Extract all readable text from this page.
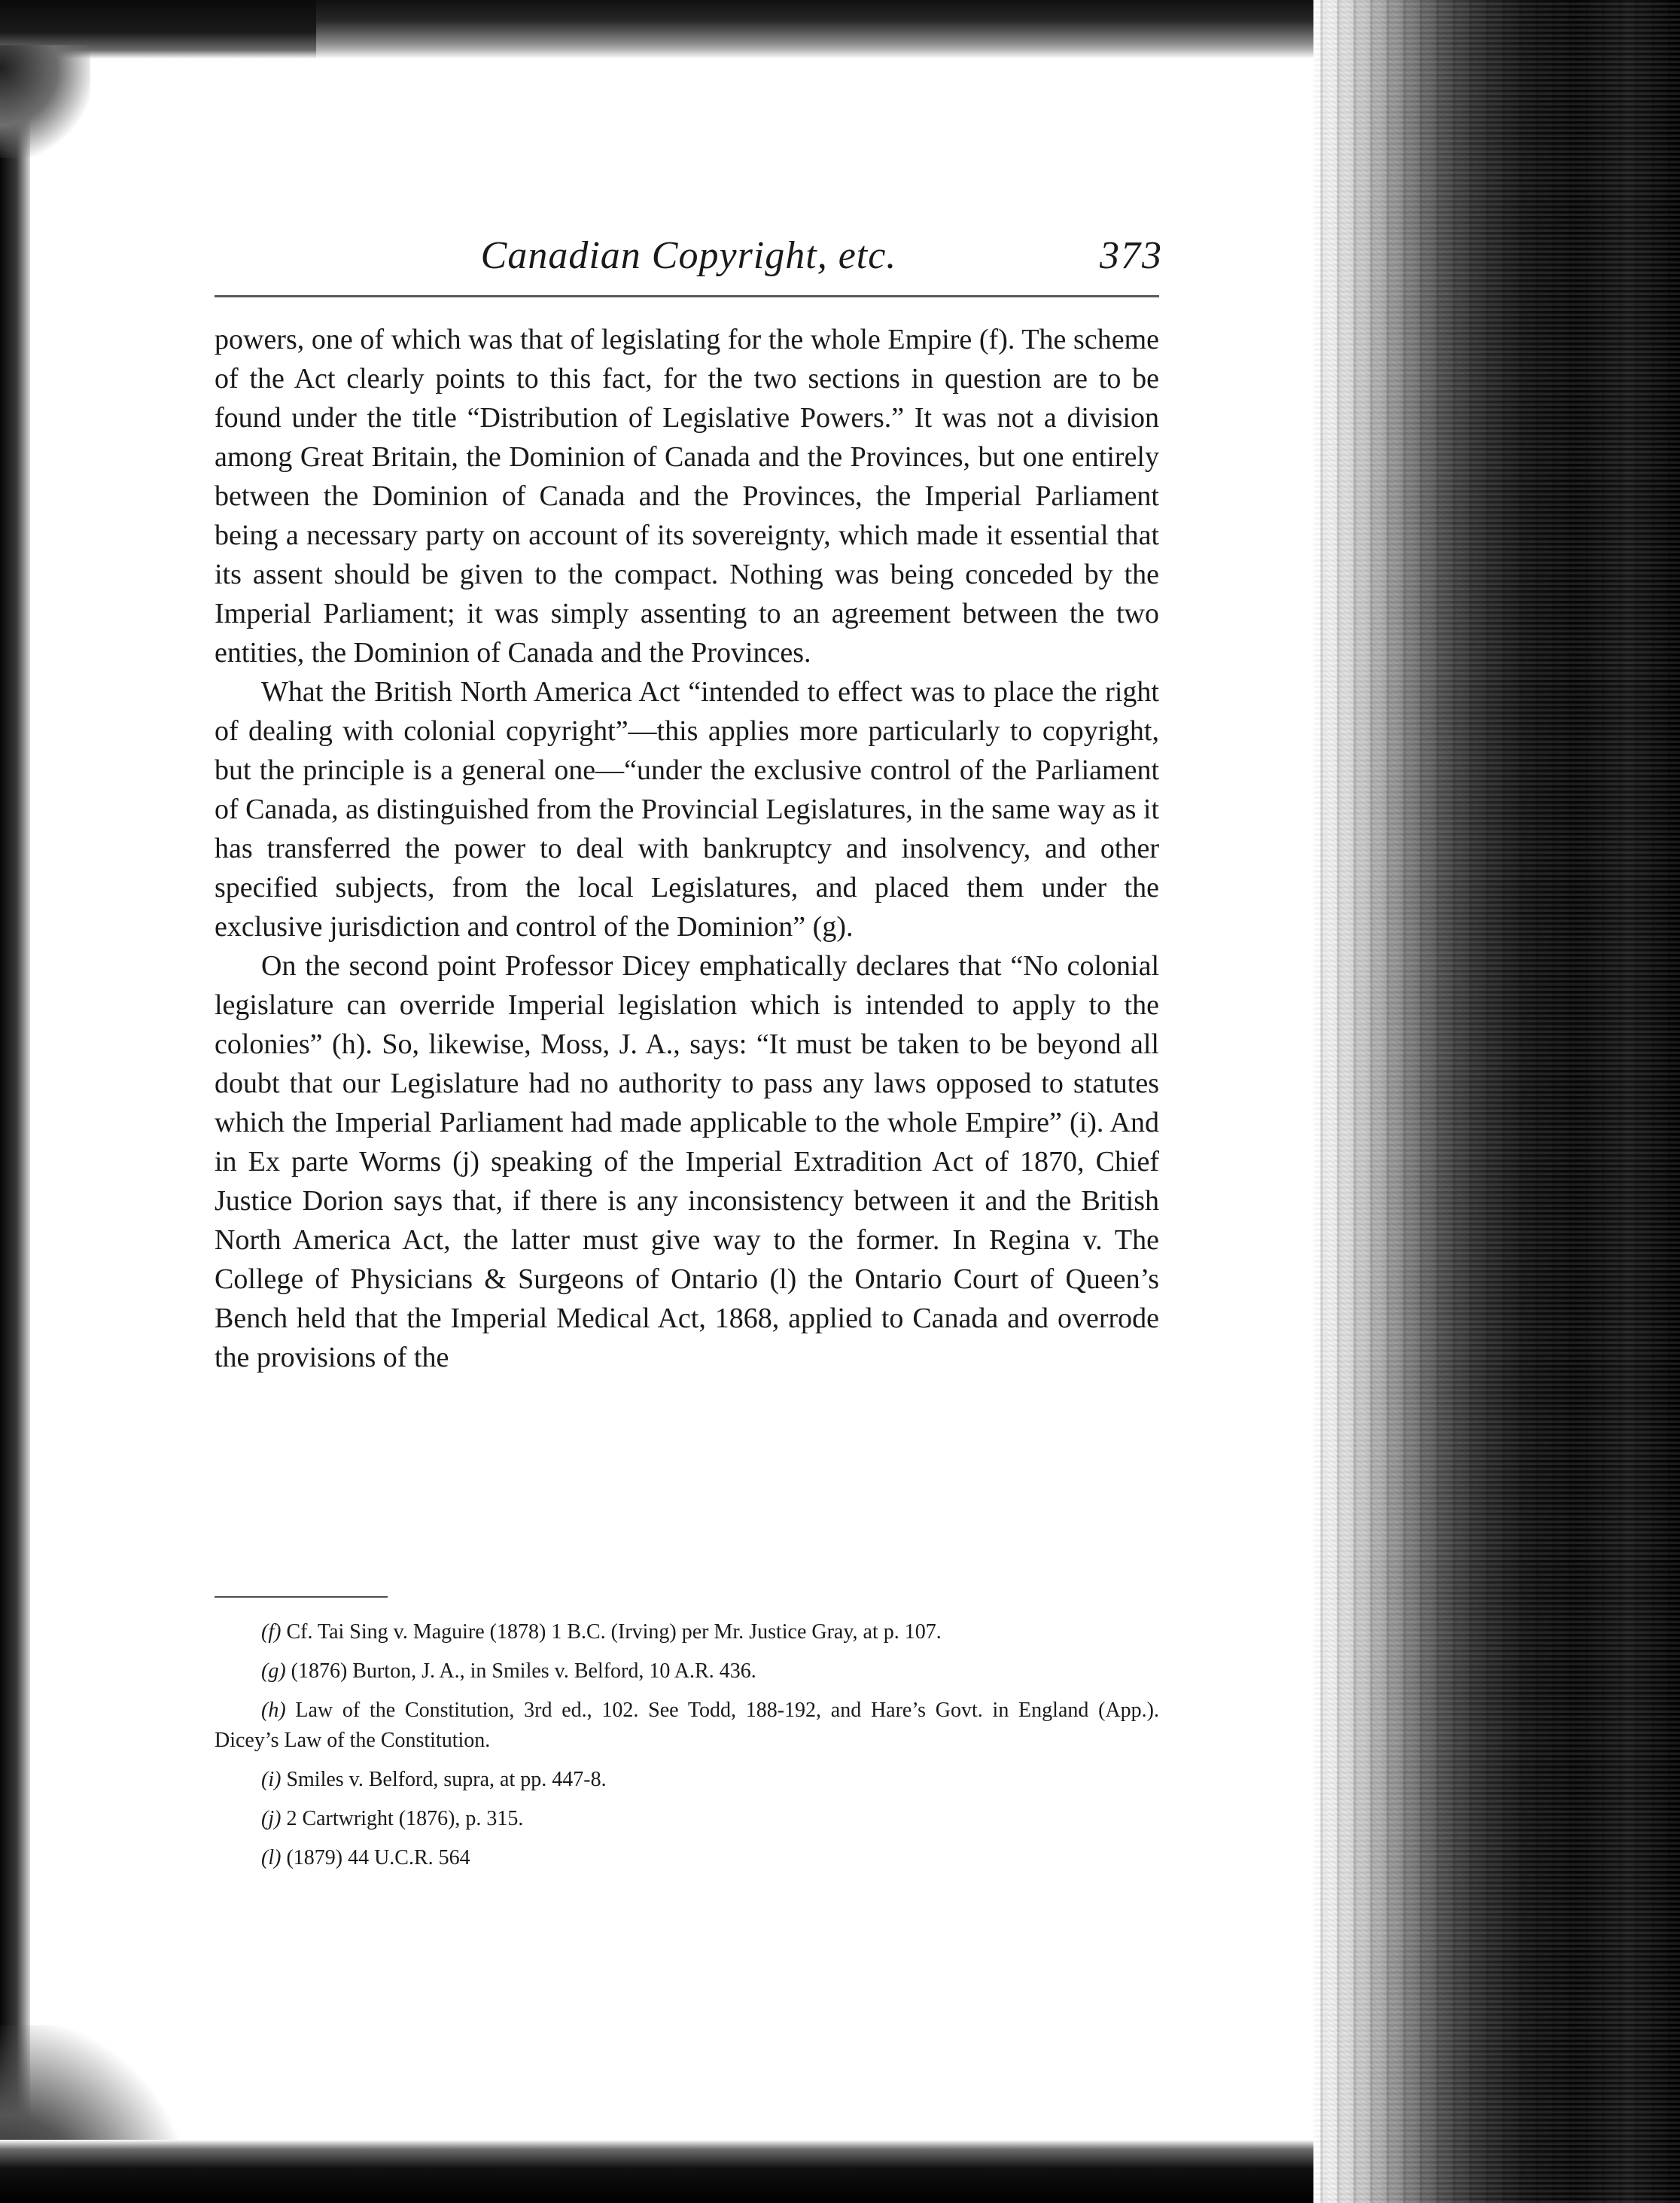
Canadian Copyright, etc.	373

powers, one of which was that of legislating for the whole Empire (f). The scheme of the Act clearly points to this fact, for the two sections in question are to be found under the title “Distribution of Legislative Powers.” It was not a division among Great Britain, the Dominion of Canada and the Provinces, but one entirely between the Dominion of Canada and the Provinces, the Imperial Parliament being a necessary party on account of its sovereignty, which made it essential that its assent should be given to the compact. Nothing was being conceded by the Imperial Parliament; it was simply assenting to an agreement between the two entities, the Dominion of Canada and the Provinces.

What the British North America Act “intended to effect was to place the right of dealing with colonial copyright”—this applies more particularly to copyright, but the principle is a general one—“under the exclusive control of the Parliament of Canada, as distinguished from the Provincial Legislatures, in the same way as it has transferred the power to deal with bankruptcy and insolvency, and other specified subjects, from the local Legislatures, and placed them under the exclusive jurisdiction and control of the Dominion” (g).

On the second point Professor Dicey emphatically declares that “No colonial legislature can override Imperial legislation which is intended to apply to the colonies” (h). So, likewise, Moss, J. A., says: “It must be taken to be beyond all doubt that our Legislature had no authority to pass any laws opposed to statutes which the Imperial Parliament had made applicable to the whole Empire” (i). And in Ex parte Worms (j) speaking of the Imperial Extradition Act of 1870, Chief Justice Dorion says that, if there is any inconsistency between it and the British North America Act, the latter must give way to the former. In Regina v. The College of Physicians & Surgeons of Ontario (l) the Ontario Court of Queen’s Bench held that the Imperial Medical Act, 1868, applied to Canada and overrode the provisions of the

(f) Cf. Tai Sing v. Maguire (1878) 1 B.C. (Irving) per Mr. Justice Gray, at p. 107.

(g) (1876) Burton, J. A., in Smiles v. Belford, 10 A.R. 436.

(h) Law of the Constitution, 3rd ed., 102. See Todd, 188-192, and Hare’s Govt. in England (App.). Dicey’s Law of the Constitution.

(i) Smiles v. Belford, supra, at pp. 447-8.

(j) 2 Cartwright (1876), p. 315.

(l) (1879) 44 U.C.R. 564
